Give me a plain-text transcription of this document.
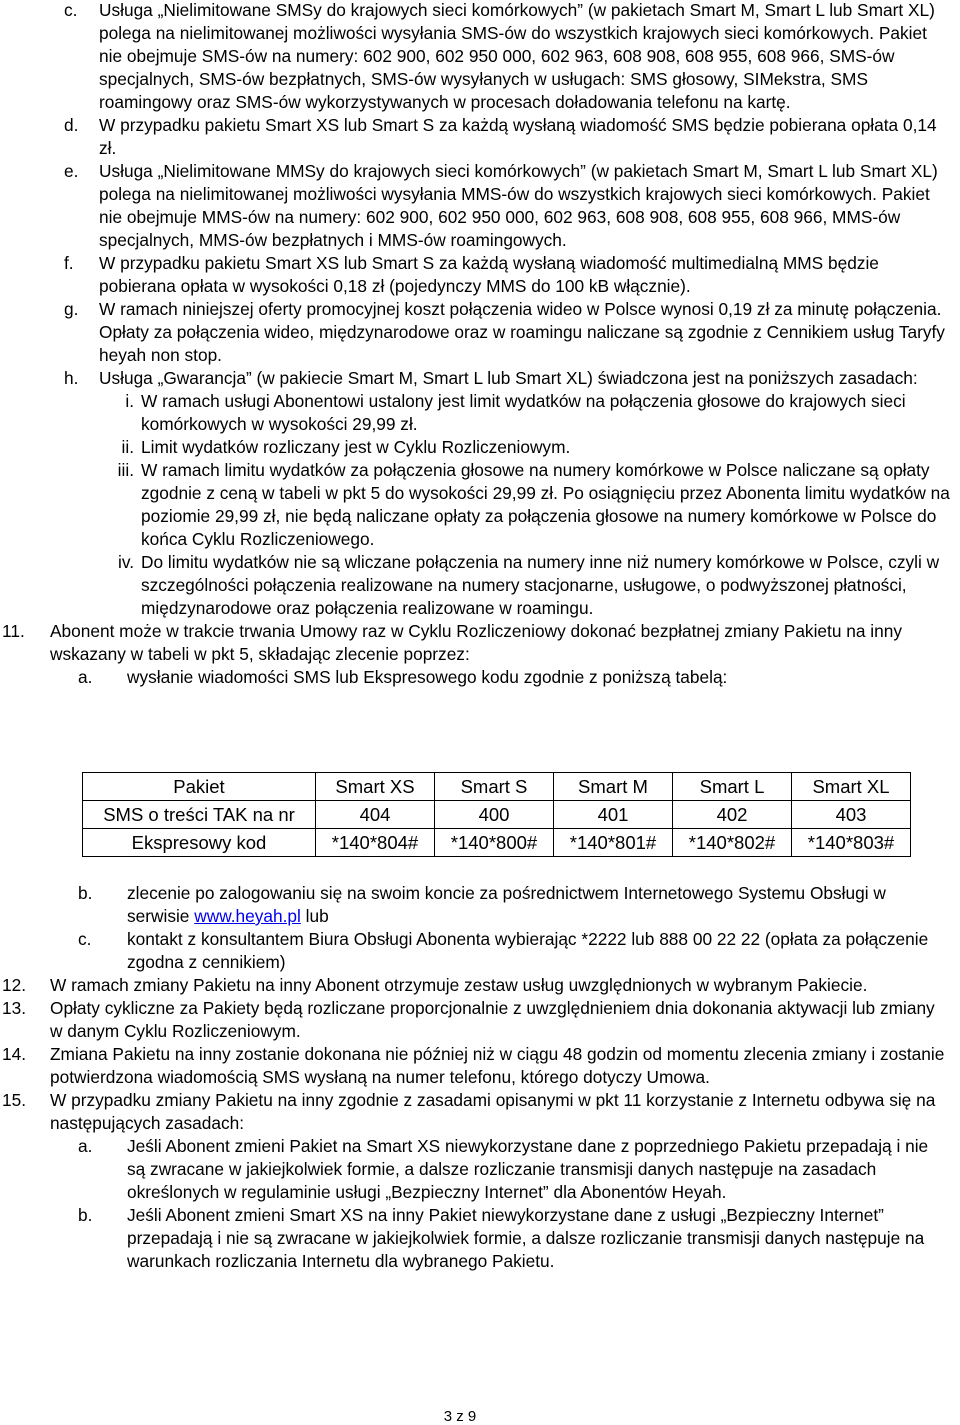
c. Usługa „Nielimitowane SMSy do krajowych sieci komórkowych” (w pakietach Smart M, Smart L lub Smart XL) polega na nielimitowanej możliwości wysyłania SMS-ów do wszystkich krajowych sieci komórkowych. Pakiet nie obejmuje SMS-ów na numery: 602 900, 602 950 000, 602 963, 608 908, 608 955, 608 966, SMS-ów specjalnych, SMS-ów bezpłatnych, SMS-ów wysyłanych w usługach: SMS głosowy, SIMekstra, SMS roamingowy oraz SMS-ów wykorzystywanych w procesach doładowania telefonu na kartę.
d. W przypadku pakietu Smart XS lub Smart S za każdą wysłaną wiadomość SMS będzie pobierana opłata 0,14 zł.
e. Usługa „Nielimitowane MMSy do krajowych sieci komórkowych” (w pakietach Smart M, Smart L lub Smart XL) polega na nielimitowanej możliwości wysyłania MMS-ów do wszystkich krajowych sieci komórkowych. Pakiet nie obejmuje MMS-ów na numery: 602 900, 602 950 000, 602 963, 608 908, 608 955, 608 966, MMS-ów specjalnych, MMS-ów bezpłatnych i MMS-ów roamingowych.
f. W przypadku pakietu Smart XS lub Smart S za każdą wysłaną wiadomość multimedialną MMS będzie pobierana opłata w wysokości 0,18 zł (pojedynczy MMS do 100 kB włącznie).
g. W ramach niniejszej oferty promocyjnej koszt połączenia wideo w Polsce wynosi 0,19 zł za minutę połączenia. Opłaty za połączenia wideo, międzynarodowe oraz w roamingu naliczane są zgodnie z Cennikiem usług Taryfy heyah non stop.
h. Usługa „Gwarancja” (w pakiecie Smart M, Smart L lub Smart XL) świadczona jest na poniższych zasadach:
i. W ramach usługi Abonentowi ustalony jest limit wydatków na połączenia głosowe do krajowych sieci komórkowych w wysokości 29,99 zł.
ii. Limit wydatków rozliczany jest w Cyklu Rozliczeniowym.
iii. W ramach limitu wydatków za połączenia głosowe na numery komórkowe w Polsce naliczane są opłaty zgodnie z ceną w tabeli w pkt 5 do wysokości 29,99 zł. Po osiągnięciu przez Abonenta limitu wydatków na poziomie 29,99 zł, nie będą naliczane opłaty za połączenia głosowe na numery komórkowe w Polsce do końca Cyklu Rozliczeniowego.
iv. Do limitu wydatków nie są wliczane połączenia na numery inne niż numery komórkowe w Polsce, czyli w szczególności połączenia realizowane na numery stacjonarne, usługowe, o podwyższonej płatności, międzynarodowe oraz połączenia realizowane w roamingu.
11. Abonent może w trakcie trwania Umowy raz w Cyklu Rozliczeniowy dokonać bezpłatnej zmiany Pakietu na inny wskazany w tabeli w pkt 5, składając zlecenie poprzez:
a. wysłanie wiadomości SMS lub Ekspresowego kodu zgodnie z poniższą tabelą:
Pakiet	Smart XS	Smart S	Smart M	Smart L	Smart XL
SMS o treści TAK na nr	404	400	401	402	403
Ekspresowy kod	*140*804#	*140*800#	*140*801#	*140*802#	*140*803#
b. zlecenie po zalogowaniu się na swoim koncie za pośrednictwem Internetowego Systemu Obsługi w serwisie www.heyah.pl lub
c. kontakt z konsultantem Biura Obsługi Abonenta wybierając *2222 lub 888 00 22 22 (opłata za połączenie zgodna z cennikiem)
12. W ramach zmiany Pakietu na inny Abonent otrzymuje zestaw usług uwzględnionych w wybranym Pakiecie.
13. Opłaty cykliczne za Pakiety będą rozliczane proporcjonalnie z uwzględnieniem dnia dokonania aktywacji lub zmiany w danym Cyklu Rozliczeniowym.
14. Zmiana Pakietu na inny zostanie dokonana nie później niż w ciągu 48 godzin od momentu zlecenia zmiany i zostanie potwierdzona wiadomością SMS wysłaną na numer telefonu, którego dotyczy Umowa.
15. W przypadku zmiany Pakietu na inny zgodnie z zasadami opisanymi w pkt 11 korzystanie z Internetu odbywa się na następujących zasadach:
a. Jeśli Abonent zmieni Pakiet na Smart XS niewykorzystane dane z poprzedniego Pakietu przepadają i nie są zwracane w jakiejkolwiek formie, a dalsze rozliczanie transmisji danych następuje na zasadach określonych w regulaminie usługi „Bezpieczny Internet” dla Abonentów Heyah.
b. Jeśli Abonent zmieni Smart XS na inny Pakiet niewykorzystane dane z usługi „Bezpieczny Internet” przepadają i nie są zwracane w jakiejkolwiek formie, a dalsze rozliczanie transmisji danych następuje na warunkach rozliczania Internetu dla wybranego Pakietu.
3 z 9
